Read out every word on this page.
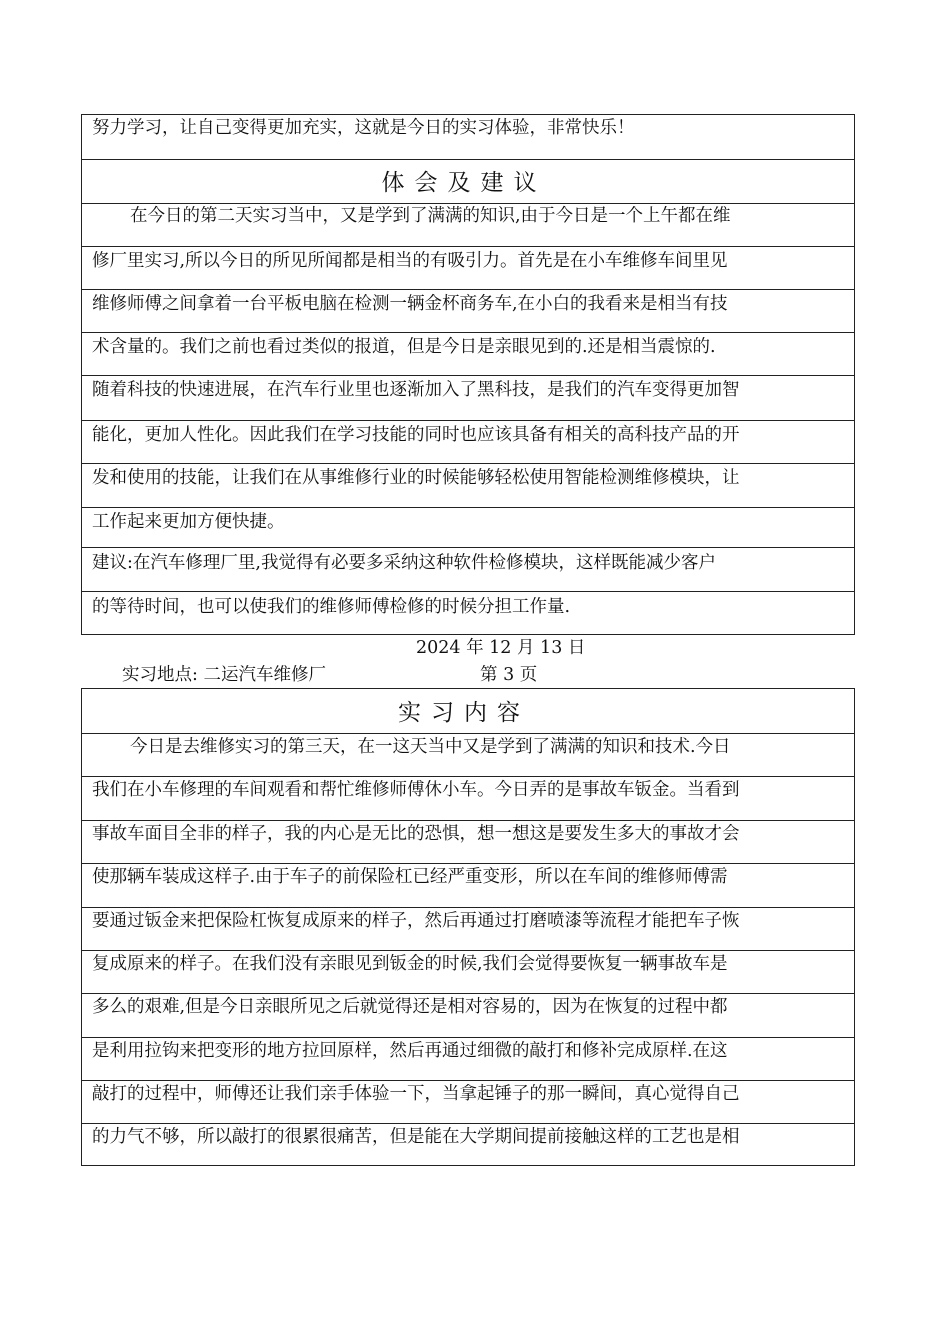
努力学习，让自己变得更加充实，这就是今日的实习体验，非常快乐！
体会及建议
在今日的第二天实习当中，又是学到了满满的知识,由于今日是一个上午都在维
修厂里实习,所以今日的所见所闻都是相当的有吸引力。首先是在小车维修车间里见
维修师傅之间拿着一台平板电脑在检测一辆金杯商务车,在小白的我看来是相当有技
术含量的。我们之前也看过类似的报道，但是今日是亲眼见到的.还是相当震惊的.
随着科技的快速进展，在汽车行业里也逐渐加入了黑科技，是我们的汽车变得更加智
能化，更加人性化。因此我们在学习技能的同时也应该具备有相关的高科技产品的开
发和使用的技能，让我们在从事维修行业的时候能够轻松使用智能检测维修模块，让
工作起来更加方便快捷。
建议:在汽车修理厂里,我觉得有必要多采纳这种软件检修模块，这样既能减少客户
的等待时间，也可以使我们的维修师傅检修的时候分担工作量.
2024 年 12 月 13 日
实习地点: 二运汽车维修厂	第 3 页
实习内容
今日是去维修实习的第三天，在一这天当中又是学到了满满的知识和技术.今日
我们在小车修理的车间观看和帮忙维修师傅休小车。今日弄的是事故车钣金。当看到
事故车面目全非的样子，我的内心是无比的恐惧，想一想这是要发生多大的事故才会
使那辆车装成这样子.由于车子的前保险杠已经严重变形，所以在车间的维修师傅需
要通过钣金来把保险杠恢复成原来的样子，然后再通过打磨喷漆等流程才能把车子恢
复成原来的样子。在我们没有亲眼见到钣金的时候,我们会觉得要恢复一辆事故车是
多么的艰难,但是今日亲眼所见之后就觉得还是相对容易的，因为在恢复的过程中都
是利用拉钩来把变形的地方拉回原样，然后再通过细微的敲打和修补完成原样.在这
敲打的过程中，师傅还让我们亲手体验一下，当拿起锤子的那一瞬间，真心觉得自己
的力气不够，所以敲打的很累很痛苦，但是能在大学期间提前接触这样的工艺也是相
